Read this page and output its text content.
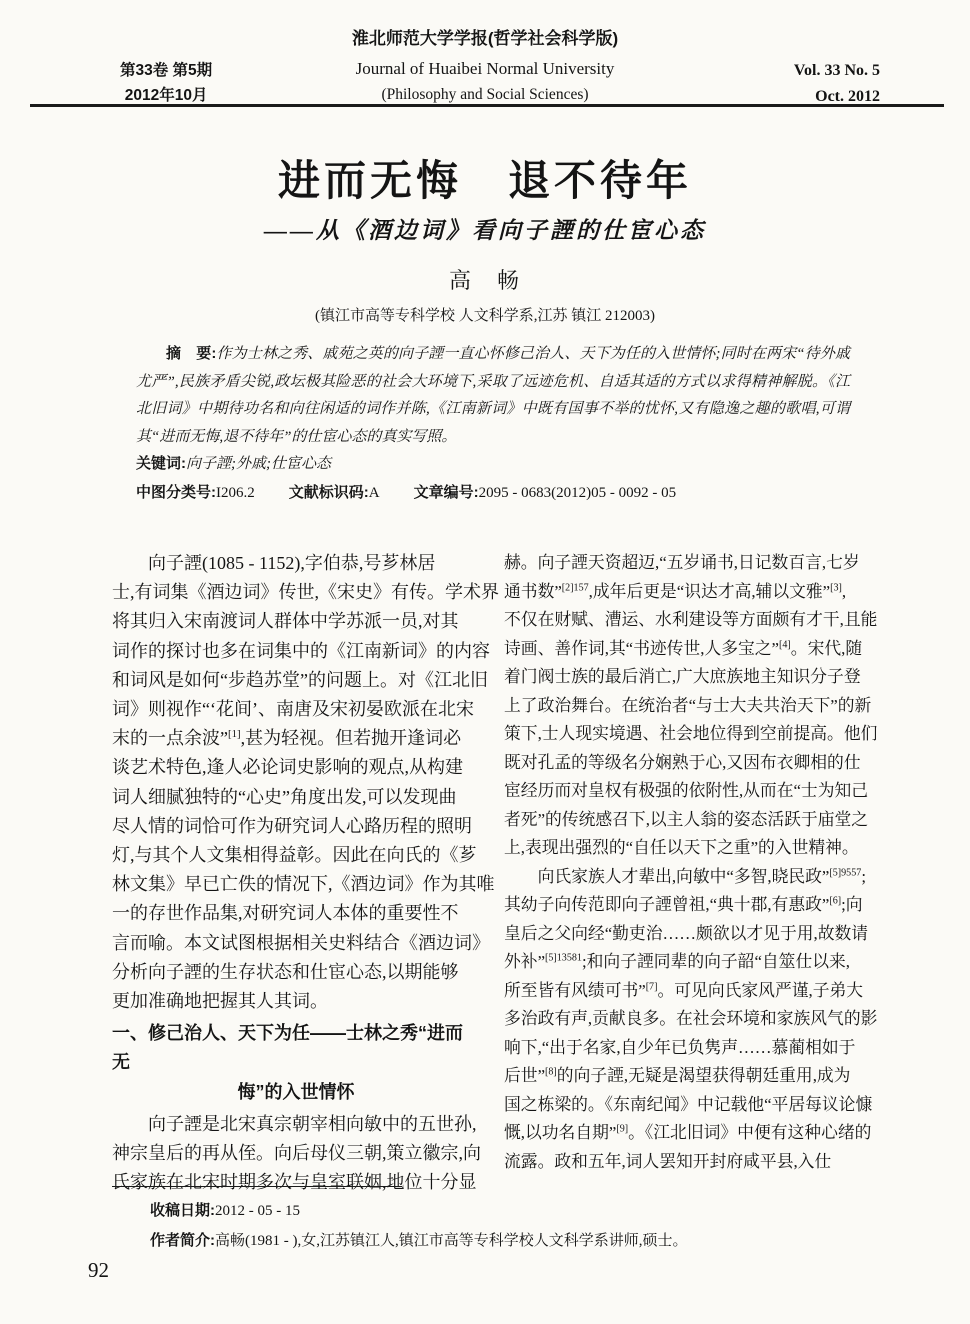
淮北师范大学学报(哲学社会科学版)
第33卷 第5期
2012年10月
Journal of Huaibei Normal University
(Philosophy and Social Sciences)
Vol. 33 No. 5
Oct. 2012
进而无悔　退不待年
——从《酒边词》看向子諲的仕宦心态
高　畅
(镇江市高等专科学校 人文科学系,江苏 镇江 212003)

摘　要:作为士林之秀、戚苑之英的向子諲一直心怀修己治人、天下为任的入世情怀;同时在两宋“待外戚尤严”,民族矛盾尖锐,政坛极其险恶的社会大环境下,采取了远迹危机、自适其适的方式以求得精神解脱。《江北旧词》中期待功名和向往闲适的词作并陈,《江南新词》中既有国事不举的忧怀,又有隐逸之趣的歌唱,可谓其“进而无悔,退不待年”的仕宦心态的真实写照。

关键词:向子諲;外戚;仕宦心态

中图分类号:I206.2 文献标识码:A 文章编号:2095 - 0683(2012)05 - 0092 - 05

向子諲(1085 - 1152),字伯恭,号芗林居
士,有词集《酒边词》传世,《宋史》有传。学术界
将其归入宋南渡词人群体中学苏派一员,对其
词作的探讨也多在词集中的《江南新词》的内容
和词风是如何“步趋苏堂”的问题上。对《江北旧
词》则视作“‘花间’、南唐及宋初晏欧派在北宋
末的一点余波”[1],甚为轻视。但若抛开逢词必
谈艺术特色,逢人必论词史影响的观点,从构建
词人细腻独特的“心史”角度出发,可以发现曲
尽人情的词恰可作为研究词人心路历程的照明
灯,与其个人文集相得益彰。因此在向氏的《芗
林文集》早已亡佚的情况下,《酒边词》作为其唯
一的存世作品集,对研究词人本体的重要性不
言而喻。本文试图根据相关史料结合《酒边词》
分析向子諲的生存状态和仕宦心态,以期能够
更加准确地把握其人其词。
一、修己治人、天下为任——士林之秀“进而无
悔”的入世情怀
向子諲是北宋真宗朝宰相向敏中的五世孙,
神宗皇后的再从侄。向后母仪三朝,策立徽宗,向
氏家族在北宋时期多次与皇室联姻,地位十分显
赫。向子諲天资超迈,“五岁诵书,日记数百言,七岁
通书数”$^{[2]157}$,成年后更是“识达才高,辅以文雅”[3],
不仅在财赋、漕运、水利建设等方面颇有才干,且能
诗画、善作词,其“书迹传世,人多宝之”[4]。宋代,随
着门阀士族的最后消亡,广大庶族地主知识分子登
上了政治舞台。在统治者“与士大夫共治天下”的新
策下,士人现实境遇、社会地位得到空前提高。他们
既对孔孟的等级名分娴熟于心,又因布衣卿相的仕
宦经历而对皇权有极强的依附性,从而在“士为知己
者死”的传统感召下,以主人翁的姿态活跃于庙堂之
上,表现出强烈的“自任以天下之重”的入世精神。
向氏家族人才辈出,向敏中“多智,晓民政”$^{[5]9557}$;
其幼子向传范即向子諲曾祖,“典十郡,有惠政”[6];向
皇后之父向经“勤吏治……颇欲以才见于用,故数请
外补”$^{[5]13581}$;和向子諲同辈的向子韶“自筮仕以来,
所至皆有风绩可书”[7]。可见向氏家风严谨,子弟大
多治政有声,贡献良多。在社会环境和家族风气的影
响下,“出于名家,自少年已负隽声……慕蔺相如于
后世”[8]的向子諲,无疑是渴望获得朝廷重用,成为
国之栋梁的。《东南纪闻》中记载他“平居每议论慷
慨,以功名自期”[9]。《江北旧词》中便有这种心绪的
流露。政和五年,词人罢知开封府咸平县,入仕
收稿日期:2012 - 05 - 15
作者简介:高畅(1981 - ),女,江苏镇江人,镇江市高等专科学校人文科学系讲师,硕士。
92
